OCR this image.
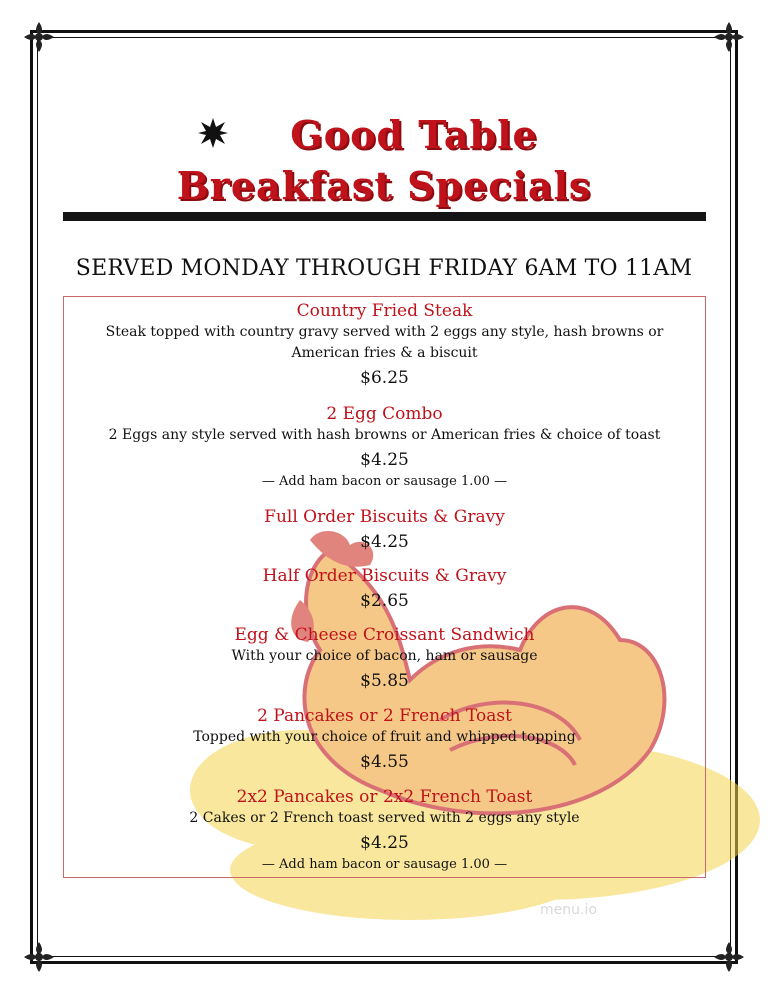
Good Table
Breakfast Specials
SERVED MONDAY THROUGH FRIDAY 6AM TO 11AM
Country Fried Steak
Steak topped with country gravy served with 2 eggs any style, hash browns or
American fries & a biscuit
$6.25
2 Egg Combo
2 Eggs any style served with hash browns or American fries & choice of toast
$4.25
— Add ham bacon or sausage 1.00 —
Full Order Biscuits & Gravy
$4.25
Half Order Biscuits & Gravy
$2.65
Egg & Cheese Croissant Sandwich
With your choice of bacon, ham or sausage
$5.85
2 Pancakes or 2 French Toast
Topped with your choice of fruit and whipped topping
$4.55
2x2 Pancakes or 2x2 French Toast
2 Cakes or 2 French toast served with 2 eggs any style
$4.25
— Add ham bacon or sausage 1.00 —
menu.io
